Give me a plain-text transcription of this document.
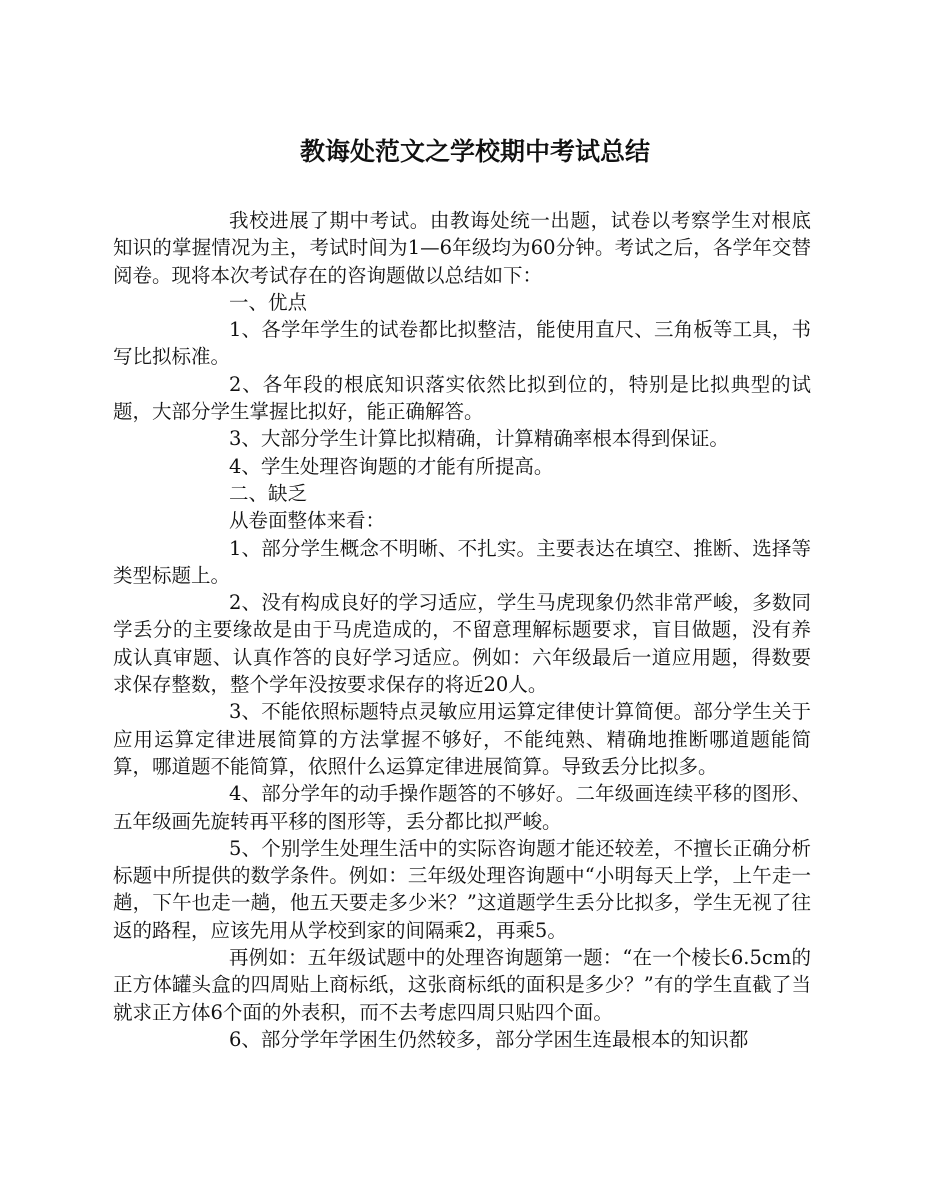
教诲处范文之学校期中考试总结

我校进展了期中考试。由教诲处统一出题，试卷以考察学生对根底知识的掌握情况为主，考试时间为1—6年级均为60分钟。考试之后，各学年交替阅卷。现将本次考试存在的咨询题做以总结如下：

一、优点

1、各学年学生的试卷都比拟整洁，能使用直尺、三角板等工具，书写比拟标准。

2、各年段的根底知识落实依然比拟到位的，特别是比拟典型的试题，大部分学生掌握比拟好，能正确解答。

3、大部分学生计算比拟精确，计算精确率根本得到保证。

4、学生处理咨询题的才能有所提高。

二、缺乏

从卷面整体来看：

1、部分学生概念不明晰、不扎实。主要表达在填空、推断、选择等类型标题上。

2、没有构成良好的学习适应，学生马虎现象仍然非常严峻，多数同学丢分的主要缘故是由于马虎造成的，不留意理解标题要求，盲目做题，没有养成认真审题、认真作答的良好学习适应。例如：六年级最后一道应用题，得数要求保存整数，整个学年没按要求保存的将近20人。

3、不能依照标题特点灵敏应用运算定律使计算简便。部分学生关于应用运算定律进展简算的方法掌握不够好，不能纯熟、精确地推断哪道题能简算，哪道题不能简算，依照什么运算定律进展简算。导致丢分比拟多。

4、部分学年的动手操作题答的不够好。二年级画连续平移的图形、五年级画先旋转再平移的图形等，丢分都比拟严峻。

5、个别学生处理生活中的实际咨询题才能还较差，不擅长正确分析标题中所提供的数学条件。例如：三年级处理咨询题中“小明每天上学，上午走一趟，下午也走一趟，他五天要走多少米？”这道题学生丢分比拟多，学生无视了往返的路程，应该先用从学校到家的间隔乘2，再乘5。

再例如：五年级试题中的处理咨询题第一题：“在一个棱长6.5cm的正方体罐头盒的四周贴上商标纸，这张商标纸的面积是多少？”有的学生直截了当就求正方体6个面的外表积，而不去考虑四周只贴四个面。

6、部分学年学困生仍然较多，部分学困生连最根本的知识都
